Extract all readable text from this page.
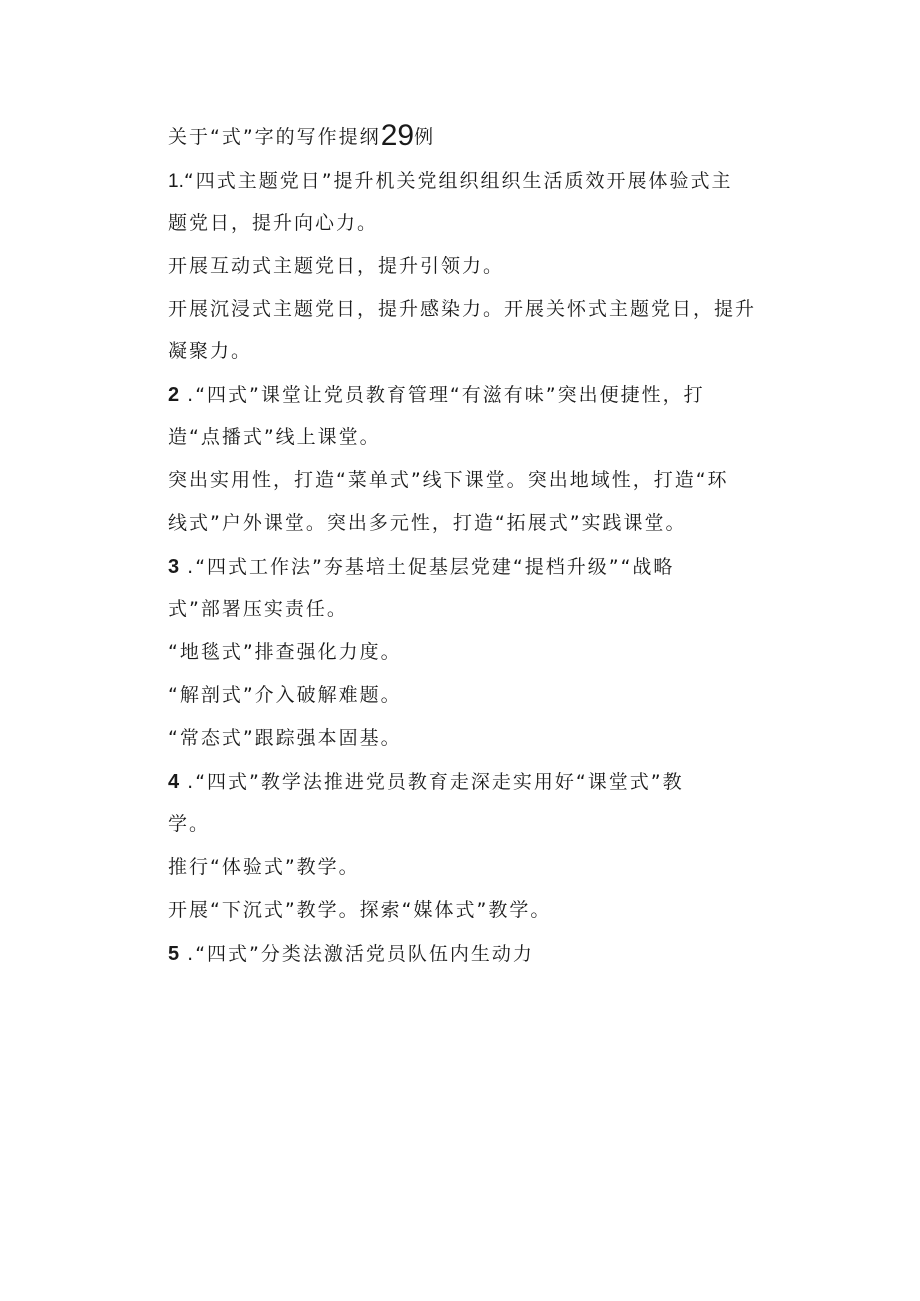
关于“式”字的写作提纲29例
1.“四式主题党日”提升机关党组织组织生活质效开展体验式主
题党日，提升向心力。
开展互动式主题党日，提升引领力。
开展沉浸式主题党日，提升感染力。开展关怀式主题党日，提升
凝聚力。
2 .“四式”课堂让党员教育管理“有滋有味”突出便捷性，打
造“点播式”线上课堂。
突出实用性，打造“菜单式”线下课堂。突出地域性，打造“环
线式”户外课堂。突出多元性，打造“拓展式”实践课堂。
3 .“四式工作法”夯基培土促基层党建“提档升级”“战略
式”部署压实责任。
“地毯式”排查强化力度。
“解剖式”介入破解难题。
“常态式”跟踪强本固基。
4 .“四式”教学法推进党员教育走深走实用好“课堂式”教
学。
推行“体验式”教学。
开展“下沉式”教学。探索“媒体式”教学。
5 .“四式”分类法激活党员队伍内生动力
